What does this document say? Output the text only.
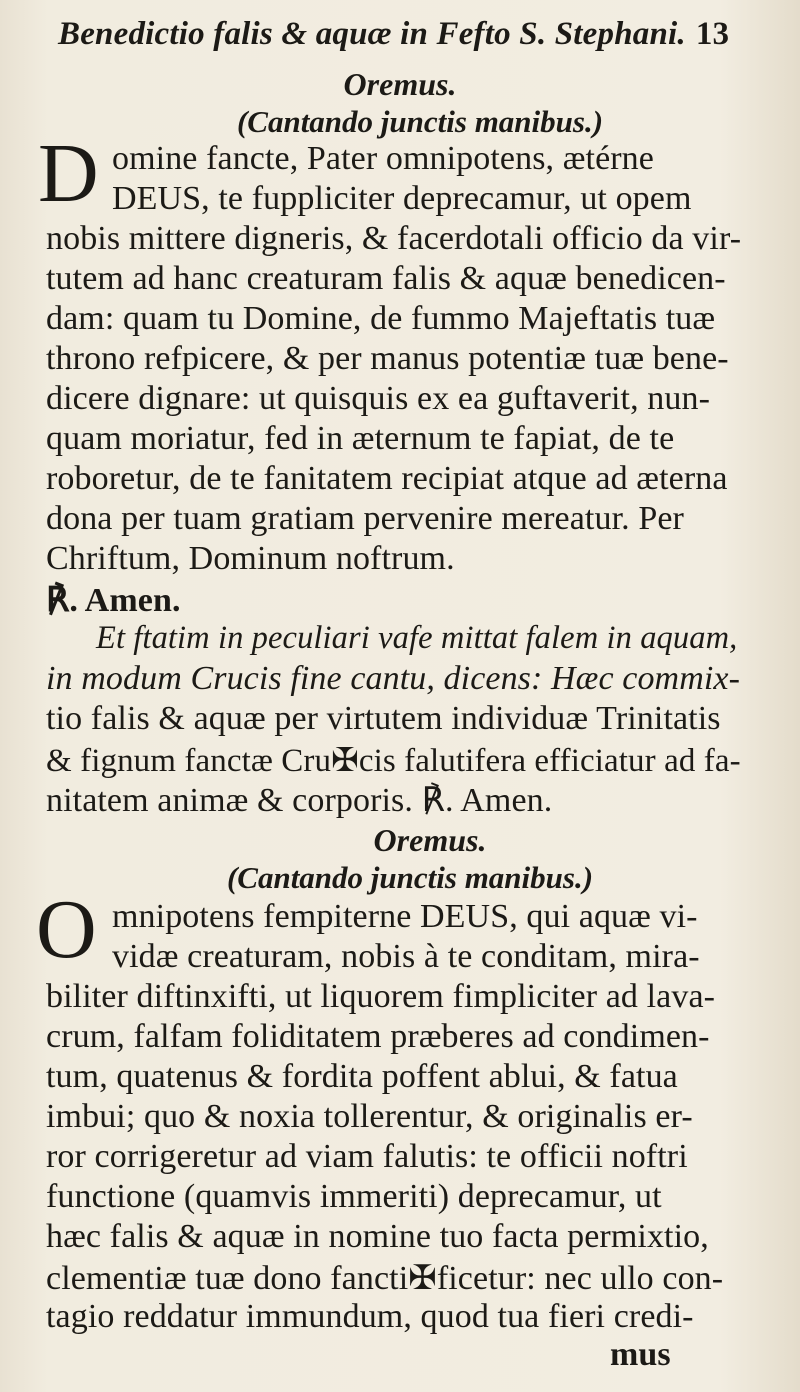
Benedictio falis & aquæ in Fefto S. Stephani. 13
Oremus.
(Cantando junctis manibus.)
D omine fancte, Pater omnipotens, ætérne
DEUS, te fuppliciter deprecamur, ut opem
nobis mittere digneris, & facerdotali officio da vir-
tutem ad hanc creaturam falis & aquæ benedicen-
dam: quam tu Domine, de fummo Majeftatis tuæ
throno refpicere, & per manus potentiæ tuæ bene-
dicere dignare: ut quisquis ex ea guftaverit, nun-
quam moriatur, fed in æternum te fapiat, de te
roboretur, de te fanitatem recipiat atque ad æterna
dona per tuam gratiam pervenire mereatur. Per
Chriftum, Dominum noftrum.
℟. Amen.
Et ftatim in peculiari vafe mittat falem in aquam,
in modum Crucis fine cantu, dicens: Hæc commix-
tio falis & aquæ per virtutem individuæ Trinitatis
& fignum fanctæ Cru✠cis falutifera efficiatur ad fa-
nitatem animæ & corporis. ℟. Amen.
Oremus.
(Cantando junctis manibus.)
O mnipotens fempiterne DEUS, qui aquæ vi-
vidæ creaturam, nobis à te conditam, mira-
biliter diftinxifti, ut liquorem fimpliciter ad lava-
crum, falfam foliditatem præberes ad condimen-
tum, quatenus & fordita poffent ablui, & fatua
imbui; quo & noxia tollerentur, & originalis er-
ror corrigeretur ad viam falutis: te officii noftri
functione (quamvis immeriti) deprecamur, ut
hæc falis & aquæ in nomine tuo facta permixtio,
clementiæ tuæ dono fancti✠ficetur: nec ullo con-
tagio reddatur immundum, quod tua fieri credi-
mus
